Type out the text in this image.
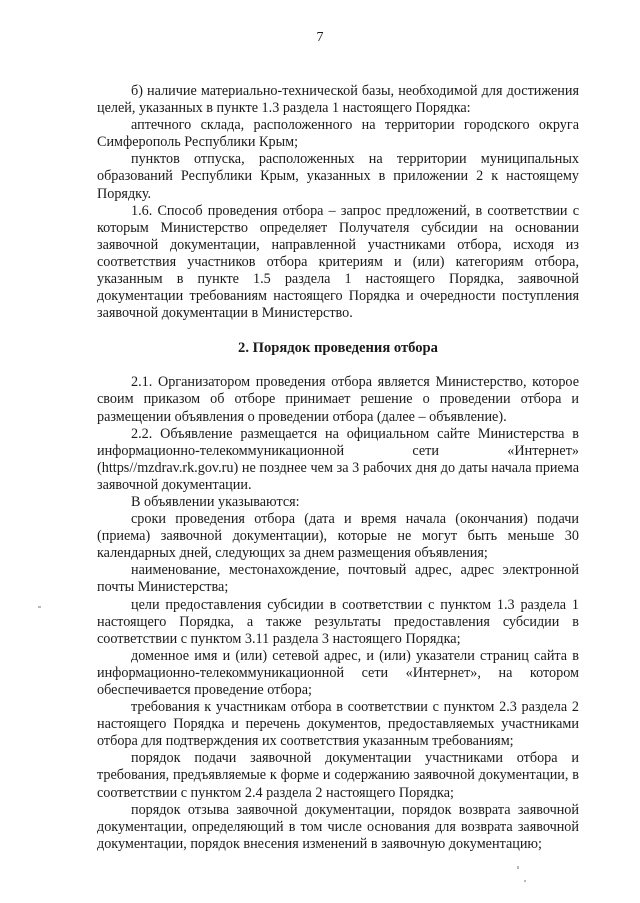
7

б) наличие материально-технической базы, необходимой для достижения целей, указанных в пункте 1.3 раздела 1 настоящего Порядка:

аптечного склада, расположенного на территории городского округа Симферополь Республики Крым;

пунктов отпуска, расположенных на территории муниципальных образований Республики Крым, указанных в приложении 2 к настоящему Порядку.

1.6. Способ проведения отбора – запрос предложений, в соответствии с которым Министерство определяет Получателя субсидии на основании заявочной документации, направленной участниками отбора, исходя из соответствия участников отбора критериям и (или) категориям отбора, указанным в пункте 1.5 раздела 1 настоящего Порядка, заявочной документации требованиям настоящего Порядка и очередности поступления заявочной документации в Министерство.

2. Порядок проведения отбора

2.1. Организатором проведения отбора является Министерство, которое своим приказом об отборе принимает решение о проведении отбора и размещении объявления о проведении отбора (далее – объявление).

2.2. Объявление размещается на официальном сайте Министерства в информационно-телекоммуникационной сети «Интернет» (https//mzdrav.rk.gov.ru) не позднее чем за 3 рабочих дня до даты начала приема заявочной документации.

В объявлении указываются:

сроки проведения отбора (дата и время начала (окончания) подачи (приема) заявочной документации), которые не могут быть меньше 30 календарных дней, следующих за днем размещения объявления;

наименование, местонахождение, почтовый адрес, адрес электронной почты Министерства;

цели предоставления субсидии в соответствии с пунктом 1.3 раздела 1 настоящего Порядка, а также результаты предоставления субсидии в соответствии с пунктом 3.11 раздела 3 настоящего Порядка;

доменное имя и (или) сетевой адрес, и (или) указатели страниц сайта в информационно-телекоммуникационной сети «Интернет», на котором обеспечивается проведение отбора;

требования к участникам отбора в соответствии с пунктом 2.3 раздела 2 настоящего Порядка и перечень документов, предоставляемых участниками отбора для подтверждения их соответствия указанным требованиям;

порядок подачи заявочной документации участниками отбора и требования, предъявляемые к форме и содержанию заявочной документации, в соответствии с пунктом 2.4 раздела 2 настоящего Порядка;

порядок отзыва заявочной документации, порядок возврата заявочной документации, определяющий в том числе основания для возврата заявочной документации, порядок внесения изменений в заявочную документацию;
